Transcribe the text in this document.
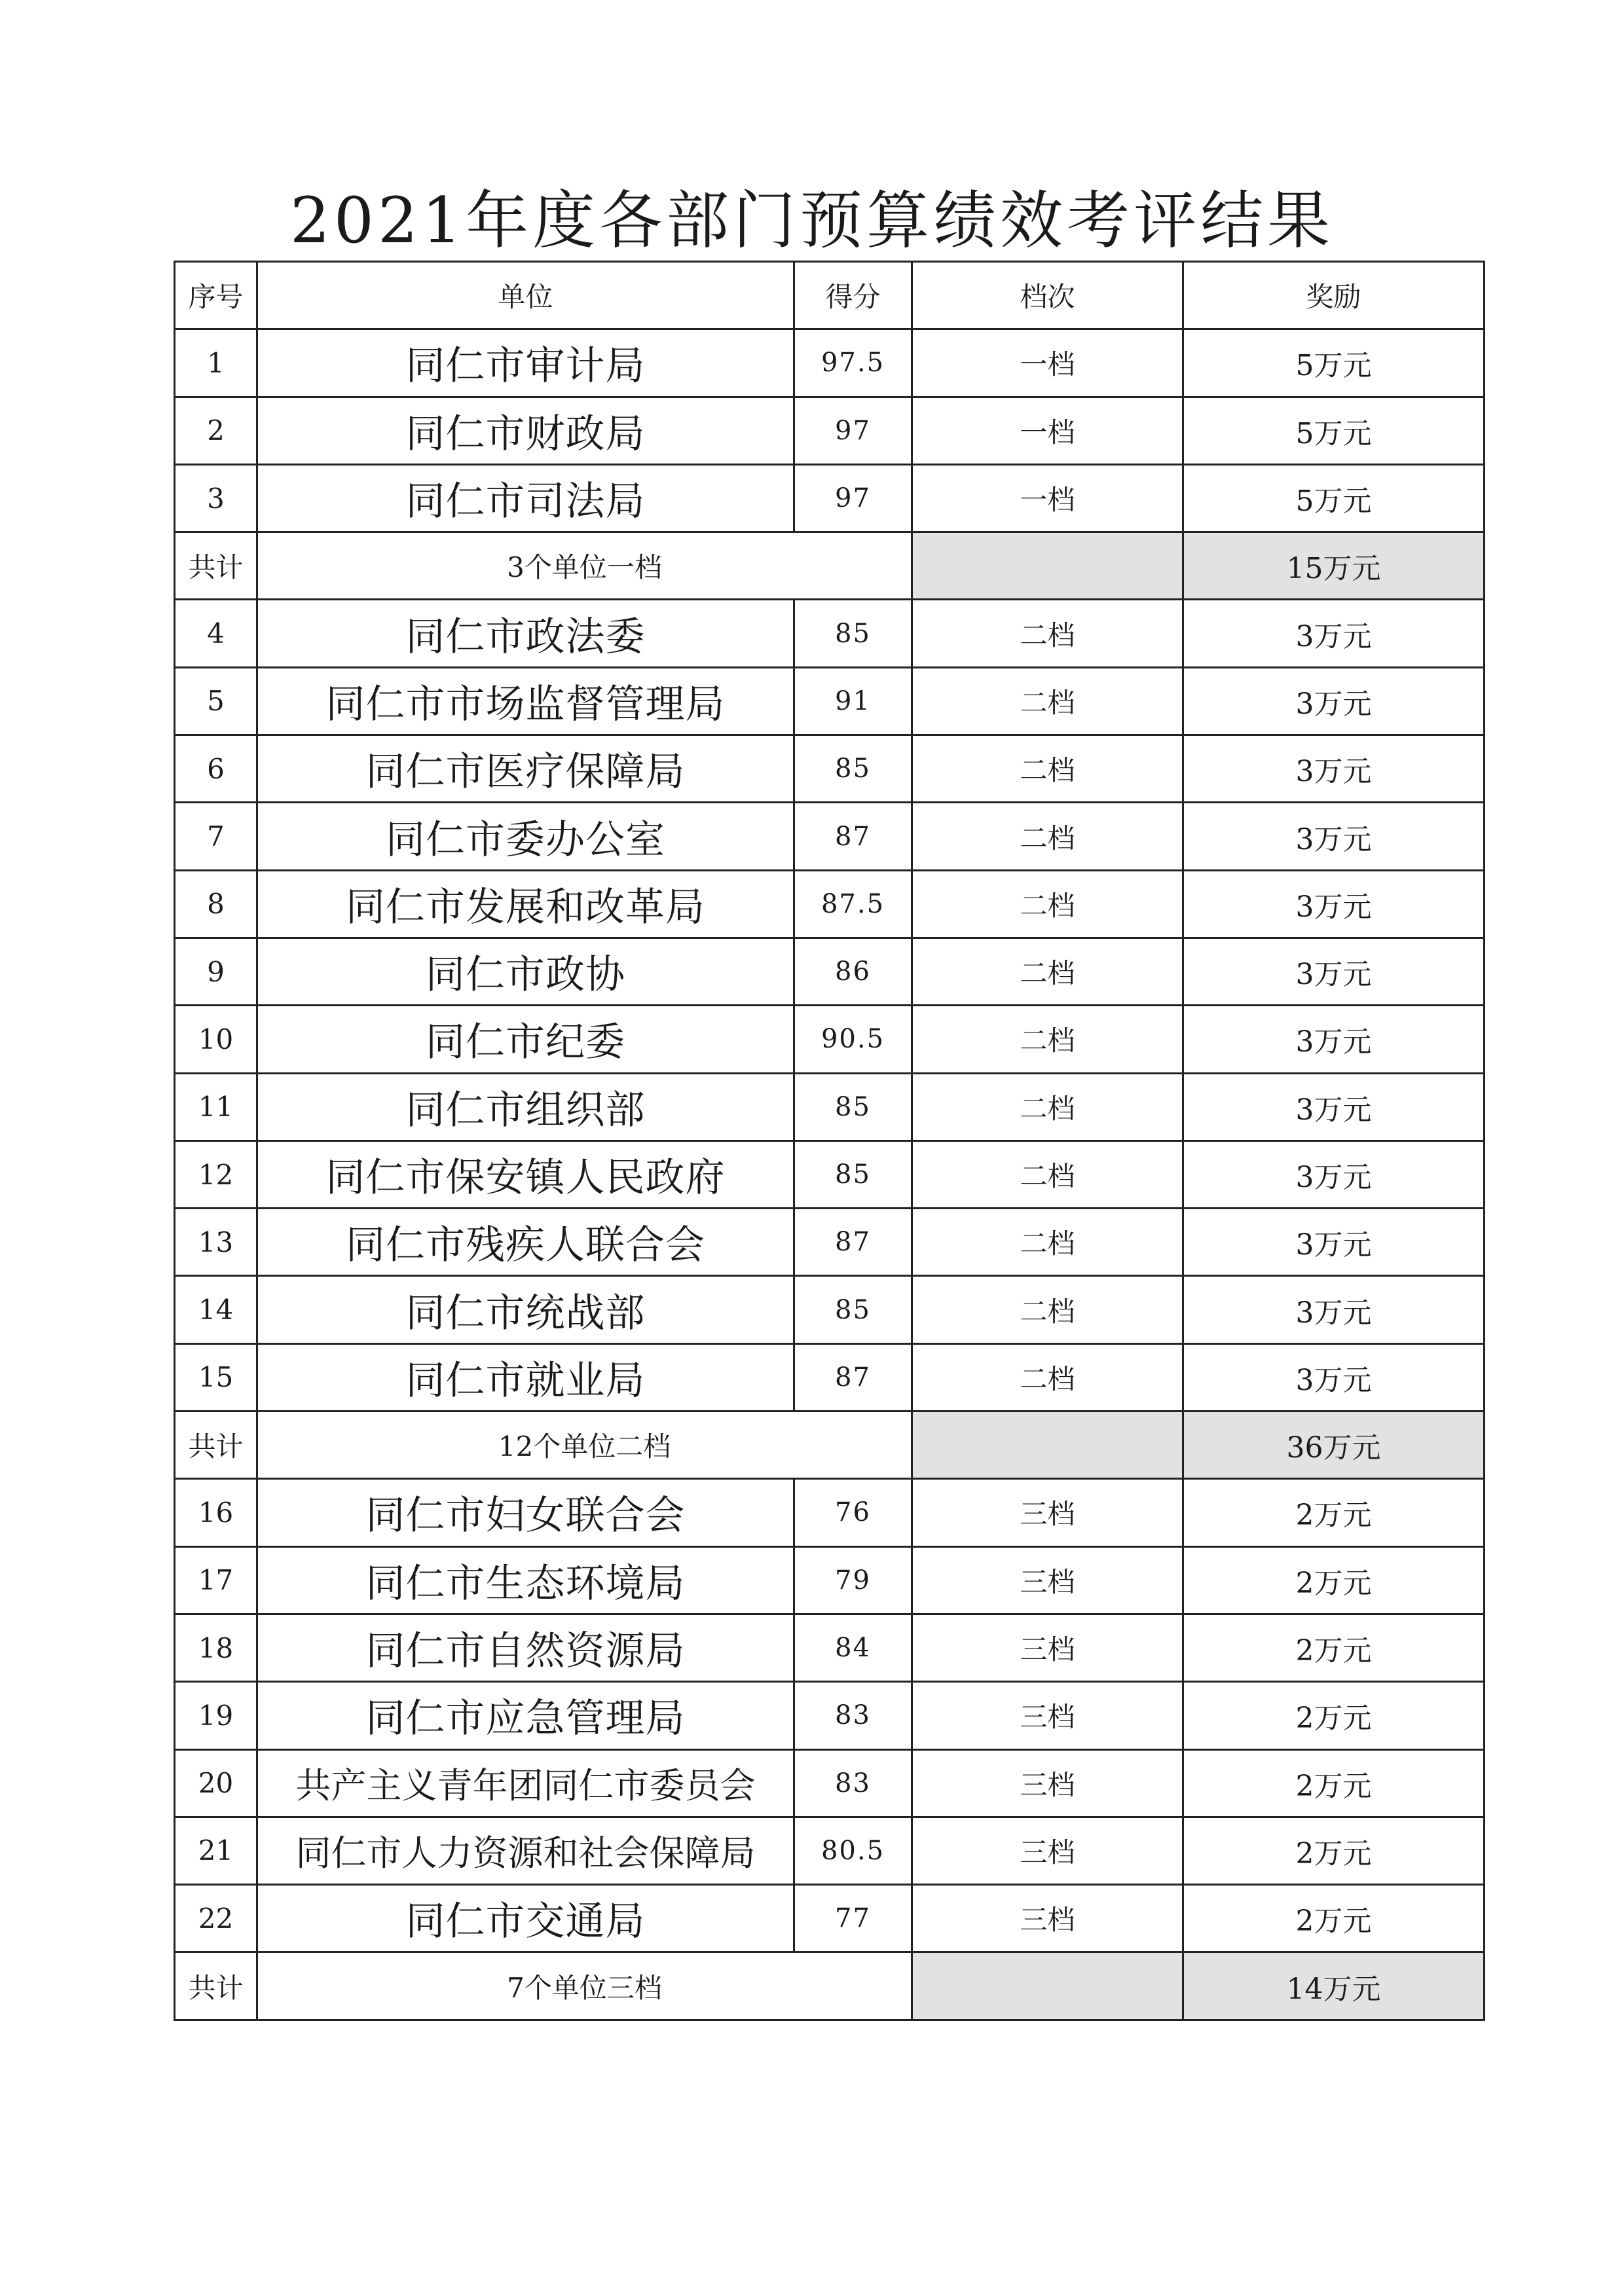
2021年度各部门预算绩效考评结果
序号	单位	得分	档次	奖励
1	同仁市审计局	97.5	一档	5万元
2	同仁市财政局	97	一档	5万元
3	同仁市司法局	97	一档	5万元
共计	3个单位一档			15万元
4	同仁市政法委	85	二档	3万元
5	同仁市市场监督管理局	91	二档	3万元
6	同仁市医疗保障局	85	二档	3万元
7	同仁市委办公室	87	二档	3万元
8	同仁市发展和改革局	87.5	二档	3万元
9	同仁市政协	86	二档	3万元
10	同仁市纪委	90.5	二档	3万元
11	同仁市组织部	85	二档	3万元
12	同仁市保安镇人民政府	85	二档	3万元
13	同仁市残疾人联合会	87	二档	3万元
14	同仁市统战部	85	二档	3万元
15	同仁市就业局	87	二档	3万元
共计	12个单位二档			36万元
16	同仁市妇女联合会	76	三档	2万元
17	同仁市生态环境局	79	三档	2万元
18	同仁市自然资源局	84	三档	2万元
19	同仁市应急管理局	83	三档	2万元
20	共产主义青年团同仁市委员会	83	三档	2万元
21	同仁市人力资源和社会保障局	80.5	三档	2万元
22	同仁市交通局	77	三档	2万元
共计	7个单位三档			14万元
